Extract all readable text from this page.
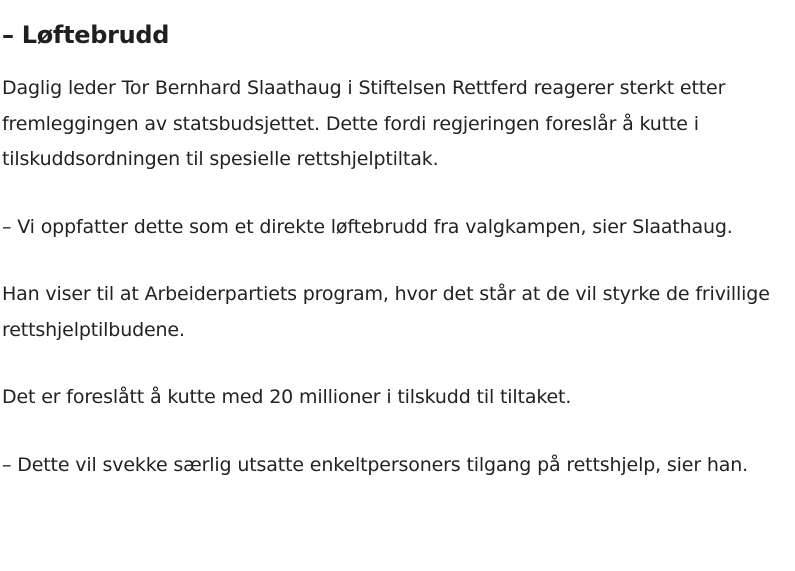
– Løftebrudd

Daglig leder Tor Bernhard Slaathaug i Stiftelsen Rettferd reagerer sterkt etter fremleggingen av statsbudsjettet. Dette fordi regjeringen foreslår å kutte i tilskuddsordningen til spesielle rettshjelptiltak.

– Vi oppfatter dette som et direkte løftebrudd fra valgkampen, sier Slaathaug.

Han viser til at Arbeiderpartiets program, hvor det står at de vil styrke de frivillige rettshjelptilbudene.

Det er foreslått å kutte med 20 millioner i tilskudd til tiltaket.

– Dette vil svekke særlig utsatte enkeltpersoners tilgang på rettshjelp, sier han.
